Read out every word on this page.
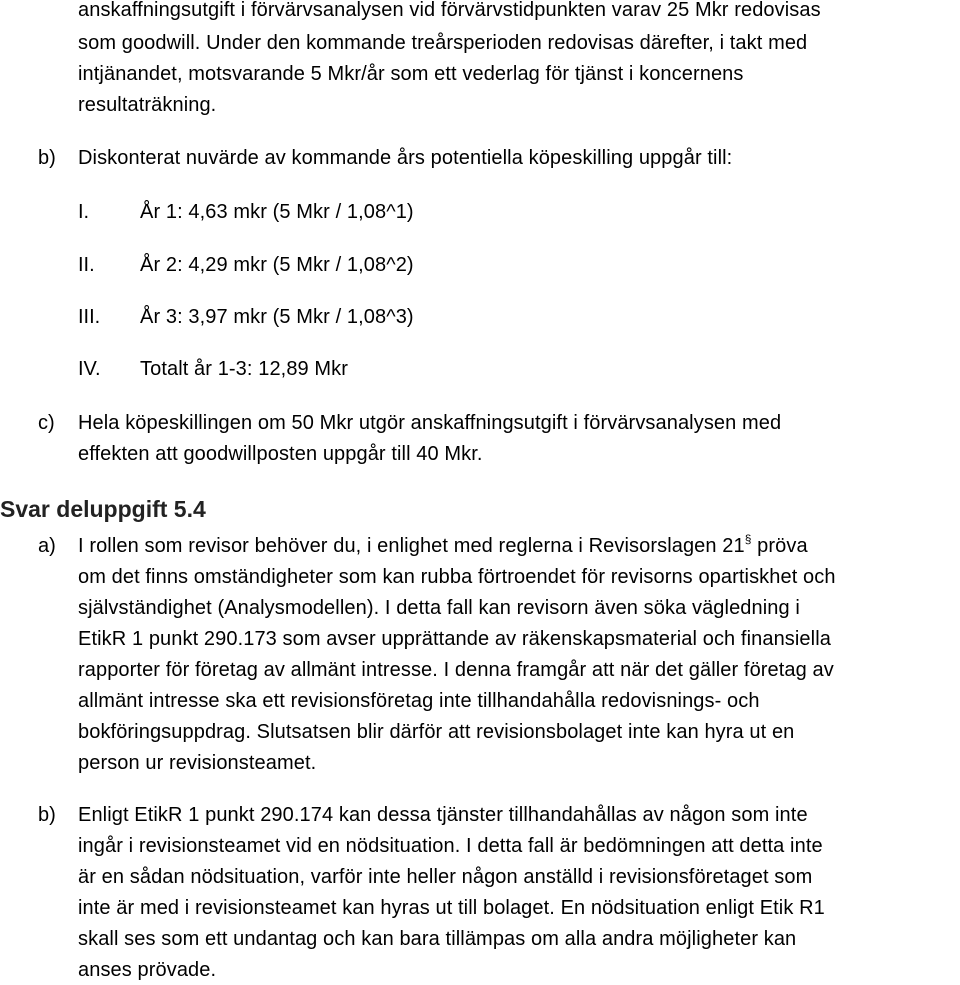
anskaffningsutgift i förvärvsanalysen vid förvärvstidpunkten varav 25 Mkr redovisas
som goodwill. Under den kommande treårsperioden redovisas därefter, i takt med
intjänandet, motsvarande 5 Mkr/år som ett vederlag för tjänst i koncernens
resultaträkning.
b) Diskonterat nuvärde av kommande års potentiella köpeskilling uppgår till:
I.	År 1: 4,63 mkr (5 Mkr / 1,08^1)
II. År 2: 4,29 mkr (5 Mkr / 1,08^2)
III. År 3: 3,97 mkr (5 Mkr / 1,08^3)
IV. Totalt år 1-3: 12,89 Mkr
c) Hela köpeskillingen om 50 Mkr utgör anskaffningsutgift i förvärvsanalysen med
effekten att goodwillposten uppgår till 40 Mkr.
Svar deluppgift 5.4
a) I rollen som revisor behöver du, i enlighet med reglerna i Revisorslagen 21§ pröva
om det finns omständigheter som kan rubba förtroendet för revisorns opartiskhet och
självständighet (Analysmodellen). I detta fall kan revisorn även söka vägledning i
EtikR 1 punkt 290.173 som avser upprättande av räkenskapsmaterial och finansiella
rapporter för företag av allmänt intresse. I denna framgår att när det gäller företag av
allmänt intresse ska ett revisionsföretag inte tillhandahålla redovisnings- och
bokföringsuppdrag. Slutsatsen blir därför att revisionsbolaget inte kan hyra ut en
person ur revisionsteamet.
b) Enligt EtikR 1 punkt 290.174 kan dessa tjänster tillhandahållas av någon som inte
ingår i revisionsteamet vid en nödsituation. I detta fall är bedömningen att detta inte
är en sådan nödsituation, varför inte heller någon anställd i revisionsföretaget som
inte är med i revisionsteamet kan hyras ut till bolaget. En nödsituation enligt Etik R1
skall ses som ett undantag och kan bara tillämpas om alla andra möjligheter kan
anses prövade.
